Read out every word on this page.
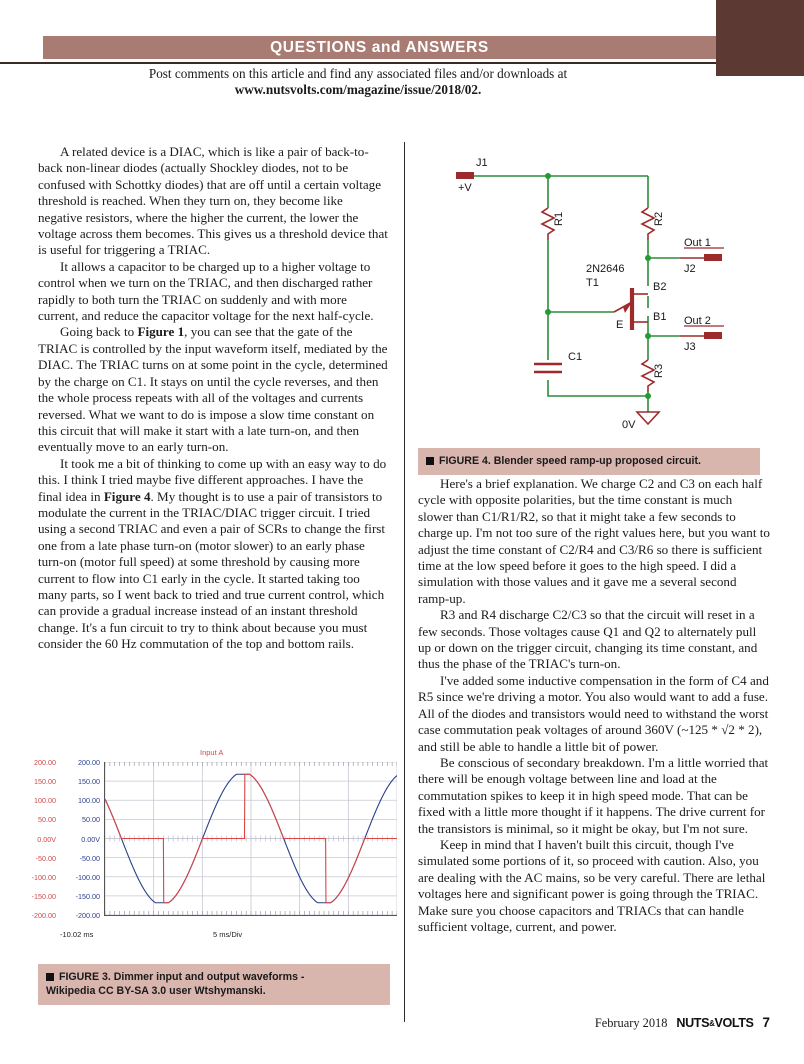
QUESTIONS and ANSWERS
Post comments on this article and find any associated files and/or downloads at
www.nutsvolts.com/magazine/issue/2018/02.

A related device is a DIAC, which is like a pair of back-to-back non-linear diodes (actually Shockley diodes, not to be confused with Schottky diodes) that are off until a certain voltage threshold is reached. When they turn on, they become like negative resistors, where the higher the current, the lower the voltage across them becomes. This gives us a threshold device that is useful for triggering a TRIAC.

It allows a capacitor to be charged up to a higher voltage to control when we turn on the TRIAC, and then discharged rather rapidly to both turn the TRIAC on suddenly and with more current, and reduce the capacitor voltage for the next half-cycle.

Going back to Figure 1, you can see that the gate of the TRIAC is controlled by the input waveform itself, mediated by the DIAC. The TRIAC turns on at some point in the cycle, determined by the charge on C1. It stays on until the cycle reverses, and then the whole process repeats with all of the voltages and currents reversed. What we want to do is impose a slow time constant on this circuit that will make it start with a late turn-on, and then eventually move to an early turn-on.

It took me a bit of thinking to come up with an easy way to do this. I think I tried maybe five different approaches. I have the final idea in Figure 4. My thought is to use a pair of transistors to modulate the current in the TRIAC/DIAC trigger circuit. I tried using a second TRIAC and even a pair of SCRs to change the first one from a late phase turn-on (motor slower) to an early phase turn-on (motor full speed) at some threshold by causing more current to flow into C1 early in the cycle. It started taking too many parts, so I went back to tried and true current control, which can provide a gradual increase instead of an instant threshold change. It's a fun circuit to try to think about because you must consider the 60 Hz commutation of the top and bottom rails.

Input A
200.00	200.00
150.00	150.00
100.00	100.00
50.00	50.00
0.00V	0.00V
-50.00	-50.00
-100.00	-100.00
-150.00	-150.00
-200.00	-200.00
-10.02 ms	5 ms/Div
FIGURE 3. Dimmer input and output waveforms -
Wikipedia CC BY-SA 3.0 user Wtshymanski.
J1
+V
R1	R2
R3
C1
2N2646
T1	B2
B1
E
Out 1
J2
Out 2
J3
0V
FIGURE 4. Blender speed ramp-up proposed circuit.

Here's a brief explanation. We charge C2 and C3 on each half cycle with opposite polarities, but the time constant is much slower than C1/R1/R2, so that it might take a few seconds to charge up. I'm not too sure of the right values here, but you want to adjust the time constant of C2/R4 and C3/R6 so there is sufficient time at the low speed before it goes to the high speed. I did a simulation with those values and it gave me a several second ramp-up.

R3 and R4 discharge C2/C3 so that the circuit will reset in a few seconds. Those voltages cause Q1 and Q2 to alternately pull up or down on the trigger circuit, changing its time constant, and thus the phase of the TRIAC's turn-on.

I've added some inductive compensation in the form of C4 and R5 since we're driving a motor. You also would want to add a fuse. All of the diodes and transistors would need to withstand the worst case commutation peak voltages of around 360V (~125 * √2 * 2), and still be able to handle a little bit of power.

Be conscious of secondary breakdown. I'm a little worried that there will be enough voltage between line and load at the commutation spikes to keep it in high speed mode. That can be fixed with a little more thought if it happens. The drive current for the transistors is minimal, so it might be okay, but I'm not sure.

Keep in mind that I haven't built this circuit, though I've simulated some portions of it, so proceed with caution. Also, you are dealing with the AC mains, so be very careful. There are lethal voltages here and significant power is going through the TRIAC. Make sure you choose capacitors and TRIACs that can handle sufficient voltage, current, and power.

February 2018 NUTS&VOLTS 7
